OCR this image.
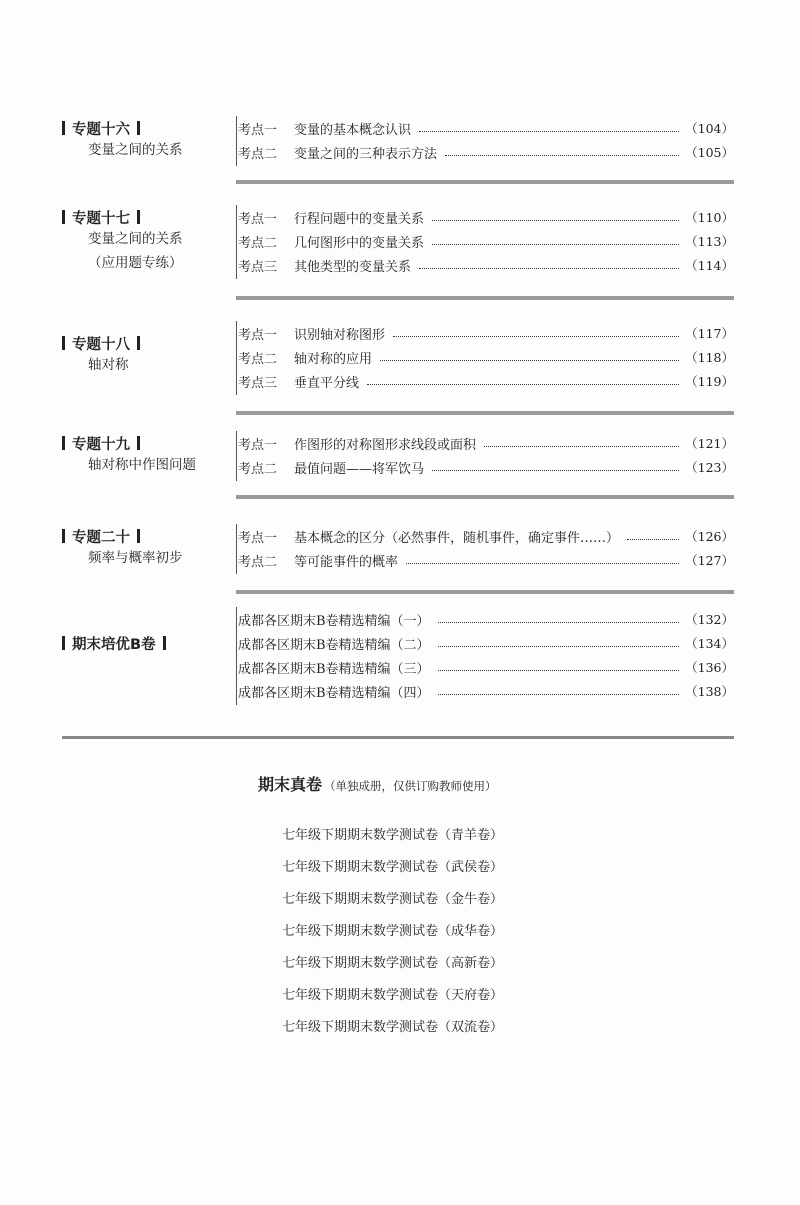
专题十六
变量之间的关系
考点一	变量的基本概念认识	（104）
考点二	变量之间的三种表示方法	（105）
专题十七
变量之间的关系
（应用题专练）
考点一	行程问题中的变量关系	（110）
考点二	几何图形中的变量关系	（113）
考点三	其他类型的变量关系	（114）
专题十八
轴对称
考点一	识别轴对称图形	（117）
考点二	轴对称的应用	（118）
考点三	垂直平分线	（119）
专题十九
轴对称中作图问题
考点一	作图形的对称图形求线段或面积	（121）
考点二	最值问题——将军饮马	（123）
专题二十
频率与概率初步
考点一	基本概念的区分（必然事件，随机事件，确定事件……）	（126）
考点二	等可能事件的概率	（127）
期末培优B卷
成都各区期末B卷精选精编（一）	（132）
成都各区期末B卷精选精编（二）	（134）
成都各区期末B卷精选精编（三）	（136）
成都各区期末B卷精选精编（四）	（138）
期末真卷 （单独成册，仅供订购教师使用）
七年级下期期末数学测试卷（青羊卷）
七年级下期期末数学测试卷（武侯卷）
七年级下期期末数学测试卷（金牛卷）
七年级下期期末数学测试卷（成华卷）
七年级下期期末数学测试卷（高新卷）
七年级下期期末数学测试卷（天府卷）
七年级下期期末数学测试卷（双流卷）
